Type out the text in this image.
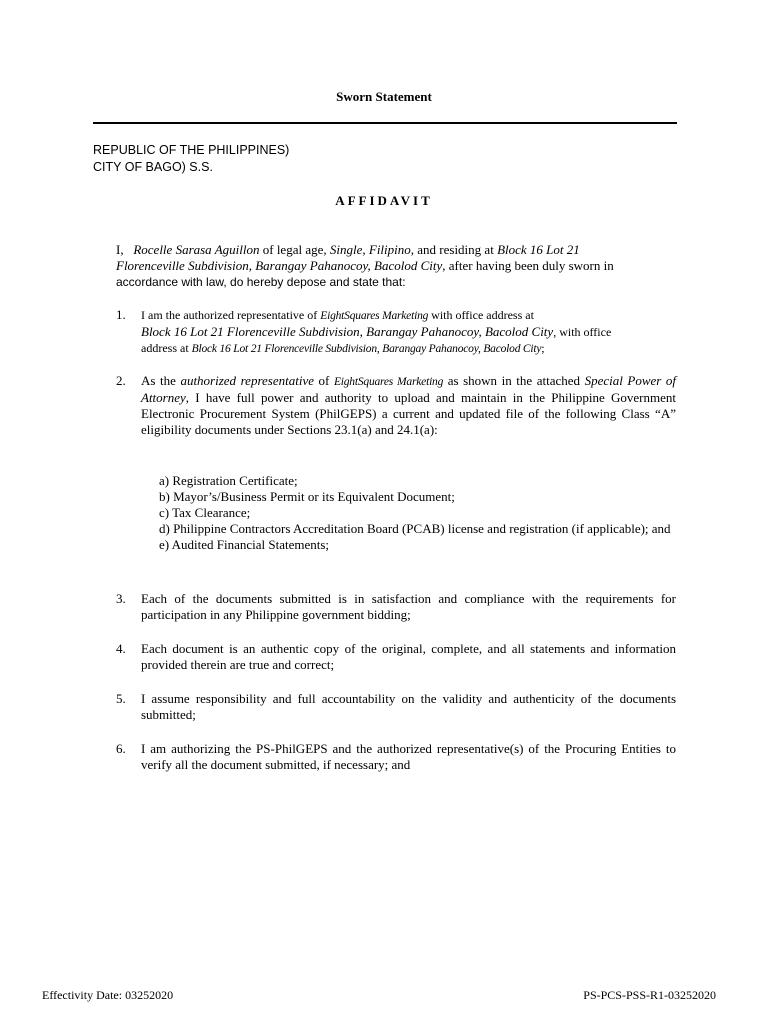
Sworn Statement
REPUBLIC OF THE PHILIPPINES)
CITY OF BAGO) S.S.
AFFIDAVIT
I, Rocelle Sarasa Aguillon of legal age, Single, Filipino, and residing at Block 16 Lot 21
Florenceville Subdivision, Barangay Pahanocoy, Bacolod City, after having been duly sworn in
accordance with law, do hereby depose and state that:
1.	I am the authorized representative of EightSquares Marketing with office address at
Block 16 Lot 21 Florenceville Subdivision, Barangay Pahanocoy, Bacolod City, with office
address at Block 16 Lot 21 Florenceville Subdivision, Barangay Pahanocoy, Bacolod City;
2.	As the authorized representative of EightSquares Marketing as shown in the attached Special Power of Attorney, I have full power and authority to upload and maintain in the Philippine Government Electronic Procurement System (PhilGEPS) a current and updated file of the following Class “A” eligibility documents under Sections 23.1(a) and 24.1(a):
a) Registration Certificate;
b) Mayor’s/Business Permit or its Equivalent Document;
c) Tax Clearance;
d) Philippine Contractors Accreditation Board (PCAB) license and registration (if applicable); and
e) Audited Financial Statements;
3.	Each of the documents submitted is in satisfaction and compliance with the requirements for participation in any Philippine government bidding;
4.	Each document is an authentic copy of the original, complete, and all statements and information provided therein are true and correct;
5.	I assume responsibility and full accountability on the validity and authenticity of the documents submitted;
6.	I am authorizing the PS-PhilGEPS and the authorized representative(s) of the Procuring Entities to verify all the document submitted, if necessary; and
Effectivity Date: 03252020	PS-PCS-PSS-R1-03252020
